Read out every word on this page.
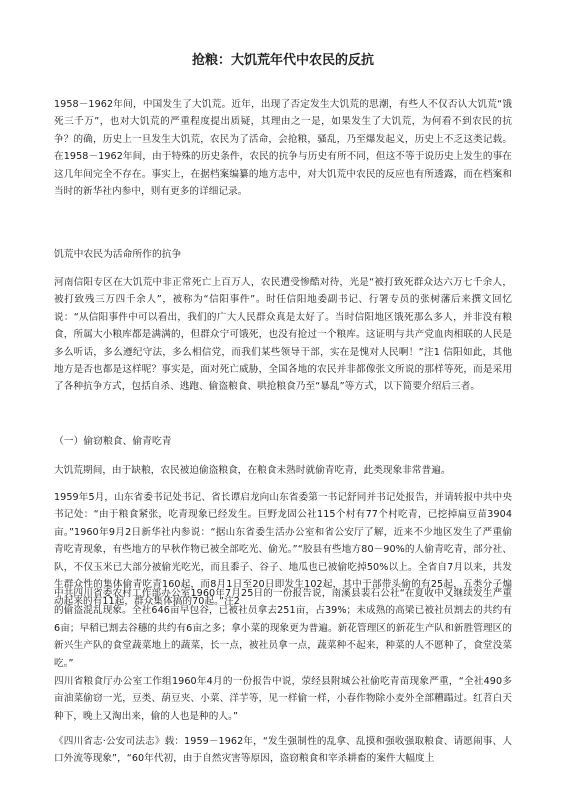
抢粮：大饥荒年代中农民的反抗

1958－1962年间，中国发生了大饥荒。近年，出现了否定发生大饥荒的思潮，有些人不仅否认大饥荒“饿死三千万”，也对大饥荒的严重程度提出质疑，其理由之一是，如果发生了大饥荒，为何看不到农民的抗争？的确，历史上一旦发生大饥荒，农民为了活命，会抢粮，骚乱，乃至爆发起义，历史上不乏这类记载。在1958－1962年间，由于特殊的历史条件，农民的抗争与历史有所不同，但这不等于说历史上发生的事在这几年间完全不存在。事实上，在据档案编纂的地方志中，对大饥荒中农民的反应也有所透露，而在档案和当时的新华社内参中，则有更多的详细记录。

饥荒中农民为活命所作的抗争

河南信阳专区在大饥荒中非正常死亡上百万人，农民遭受惨酷对待，光是“被打致死群众达六万七千余人，被打致残三万四千余人”，被称为“信阳事件”。时任信阳地委副书记、行署专员的张树藩后来撰文回忆说：“从信阳事件中可以看出，我们的广大人民群众真是太好了。当时信阳地区饿死那么多人，并非没有粮食，所属大小粮库都是满满的，但群众宁可饿死，也没有抢过一个粮库。这证明与共产党血肉相联的人民是多么听话，多么遵纪守法，多么相信党，而我们某些领导干部，实在是愧对人民啊！”注1 信阳如此，其他地方是否也都是这样呢？事实是，面对死亡威胁，全国各地的农民并非都像张文所说的那样等死，而是采用了各种抗争方式，包括自杀、逃跑、偷盗粮食、哄抢粮食乃至“暴乱”等方式，以下简要介绍后三者。

（一）偷窃粮食、偷青吃青

大饥荒期间，由于缺粮，农民被迫偷盗粮食，在粮食未熟时就偷青吃青，此类现象非常普遍。

1959年5月，山东省委书记处书记、省长谭启龙向山东省委第一书记舒同并书记处报告，并请转报中共中央书记处：“由于粮食紧张，吃青现象已经发生。巨野龙固公社115个村有77个村吃青，已挖掉扁豆苗3904亩。”1960年9月2日新华社内参说：“据山东省委生活办公室和省公安厅了解，近来不少地区发生了严重偷青吃青现象，有些地方的早秋作物已被全部吃光、偷光。”“胶县有些地方80－90%的人偷青吃青，部分社、队，不仅玉米已大部分被偷光吃光，而且黍子、谷子、地瓜也已被偷吃掉50%以上。全省自7月以来，共发生群众性的集体偷青吃青160起，而8月1日至20日即发生102起，其中干部带头偷的有25起，五类分子煽动起来的有11起，群众集体搞的70起。”注2

中共四川省委农村工作部办公室1960年7月25日的一份报告说，南溪县裴石公社“在夏收中又继续发生严重的偷盗混乱现象。全社646亩早包谷，已被社员拿去251亩，占39%；未成熟的高梁已被社员割去的共约有6亩；早稻已割去谷穗的共约有6亩之多；拿小菜的现象更为普遍。新花管理区的新花生产队和新胜管理区的新兴生产队的食堂蔬菜地上的蔬菜，长一点，被社员拿一点，蔬菜种不起来，种菜的人不愿种了，食堂没菜吃。”

四川省粮食厅办公室工作组1960年4月的一份报告中说，荥经县附城公社偷吃青苗现象严重，“全社490多亩油菜偷窃一光，豆类、葫豆夹、小菜、洋芋等，见一样偷一样，小春作物除小麦外全部糟蹋过。红苕白天种下，晚上又淘出来，偷的人也是种的人。”

《四川省志·公安司法志》载：1959－1962年，“发生强制性的乱拿、乱摸和强收强取粮食、请愿闹事、人口外流等现象”，“60年代初，由于自然灾害等原因，盗窃粮食和宰杀耕畜的案件大幅度上
